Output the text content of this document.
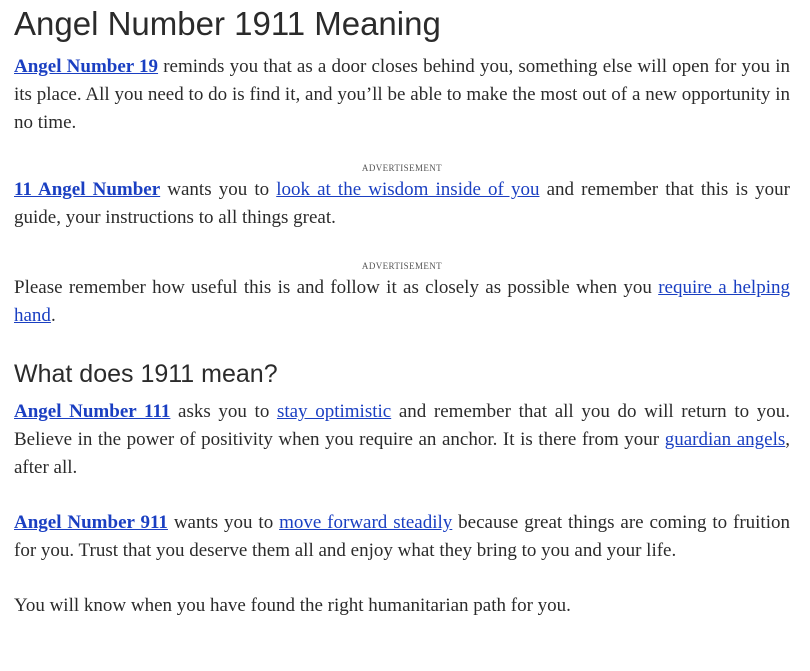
Angel Number 1911 Meaning

Angel Number 19 reminds you that as a door closes behind you, something else will open for you in its place. All you need to do is find it, and you’ll be able to make the most out of a new opportunity in no time.

ADVERTISEMENT

11 Angel Number wants you to look at the wisdom inside of you and remember that this is your guide, your instructions to all things great.

ADVERTISEMENT

Please remember how useful this is and follow it as closely as possible when you require a helping hand.

What does 1911 mean?

Angel Number 111 asks you to stay optimistic and remember that all you do will return to you. Believe in the power of positivity when you require an anchor. It is there from your guardian angels, after all.

Angel Number 911 wants you to move forward steadily because great things are coming to fruition for you. Trust that you deserve them all and enjoy what they bring to you and your life.

You will know when you have found the right humanitarian path for you.
